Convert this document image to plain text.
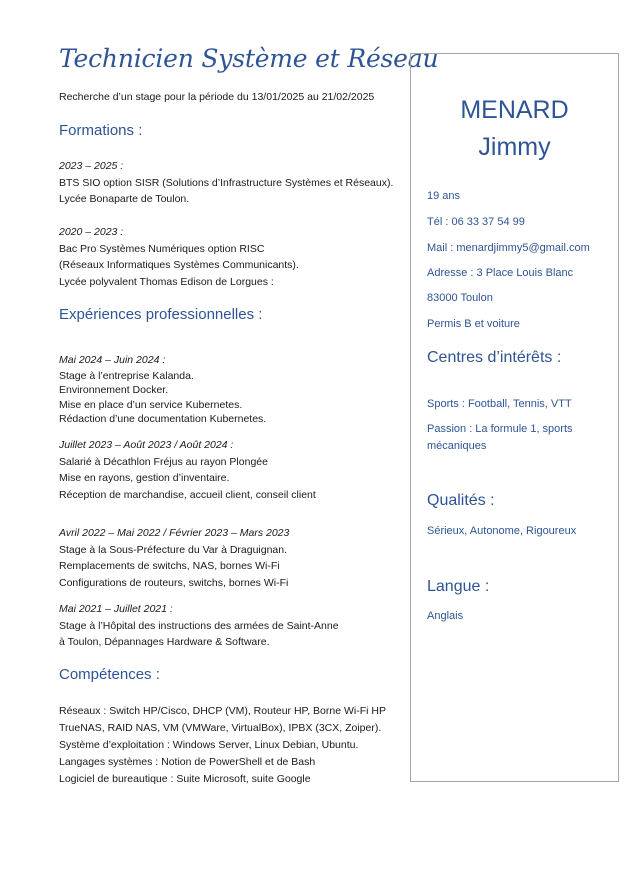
Technicien Système et Réseau
Recherche d’un stage pour la période du 13/01/2025 au 21/02/2025
Formations :
2023 – 2025 :
BTS SIO option SISR (Solutions d’Infrastructure Systèmes et Réseaux).
Lycée Bonaparte de Toulon.
2020 – 2023 :
Bac Pro Systèmes Numériques option RISC
(Réseaux Informatiques Systèmes Communicants).
Lycée polyvalent Thomas Edison de Lorgues :
Expériences professionnelles :
Mai 2024 – Juin 2024 :
Stage à l’entreprise Kalanda.
Environnement Docker.
Mise en place d’un service Kubernetes.
Rédaction d’une documentation Kubernetes.
Juillet 2023 – Août 2023 / Août 2024 :
Salarié à Décathlon Fréjus au rayon Plongée
Mise en rayons, gestion d’inventaire.
Réception de marchandise, accueil client, conseil client
Avril 2022 – Mai 2022 / Février 2023 – Mars 2023
Stage à la Sous-Préfecture du Var à Draguignan.
Remplacements de switchs, NAS, bornes Wi-Fi
Configurations de routeurs, switchs, bornes Wi-Fi
Mai 2021 – Juillet 2021 :
Stage à l’Hôpital des instructions des armées de Saint-Anne
à Toulon, Dépannages Hardware & Software.
Compétences :
Réseaux : Switch HP/Cisco, DHCP (VM), Routeur HP, Borne Wi-Fi HP
TrueNAS, RAID NAS, VM (VMWare, VirtualBox), IPBX (3CX, Zoiper).
Système d’exploitation : Windows Server, Linux Debian, Ubuntu.
Langages systèmes : Notion de PowerShell et de Bash
Logiciel de bureautique : Suite Microsoft, suite Google
MENARD
Jimmy
19 ans
Tél : 06 33 37 54 99
Mail : menardjimmy5@gmail.com
Adresse : 3 Place Louis Blanc
83000 Toulon
Permis B et voiture
Centres d’intérêts :
Sports : Football, Tennis, VTT
Passion : La formule 1, sports mécaniques
Qualités :
Sérieux, Autonome, Rigoureux
Langue :
Anglais
